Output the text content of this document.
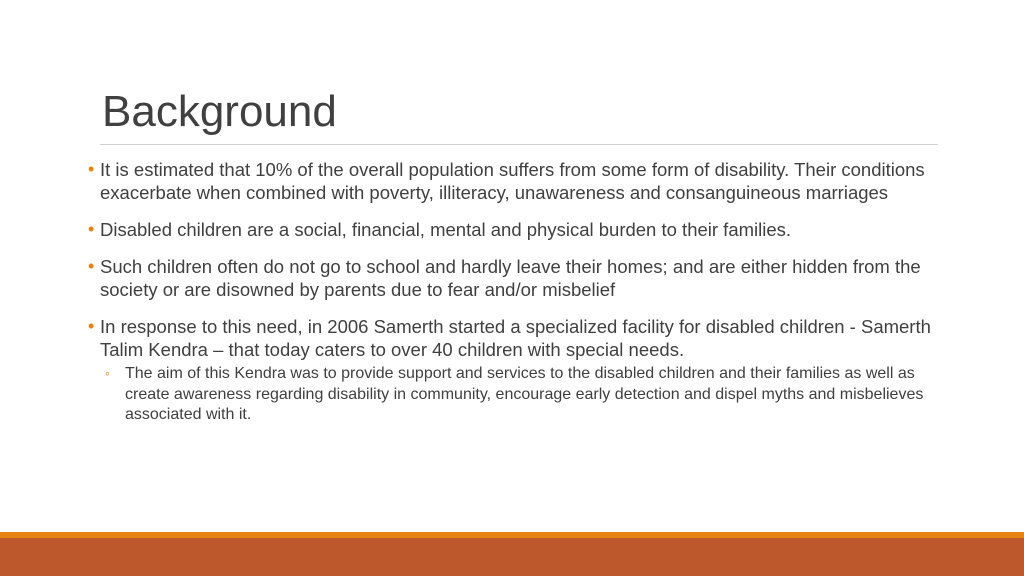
Background
• It is estimated that 10% of the overall population suffers from some form of disability. Their conditions exacerbate when combined with poverty, illiteracy, unawareness and consanguineous marriages
• Disabled children are a social, financial, mental and physical burden to their families.
• Such children often do not go to school and hardly leave their homes; and are either hidden from the society or are disowned by parents due to fear and/or misbelief
• In response to this need, in 2006 Samerth started a specialized facility for disabled children - Samerth Talim Kendra – that today caters to over 40 children with special needs.
◦ The aim of this Kendra was to provide support and services to the disabled children and their families as well as create awareness regarding disability in community, encourage early detection and dispel myths and misbelieves associated with it.
